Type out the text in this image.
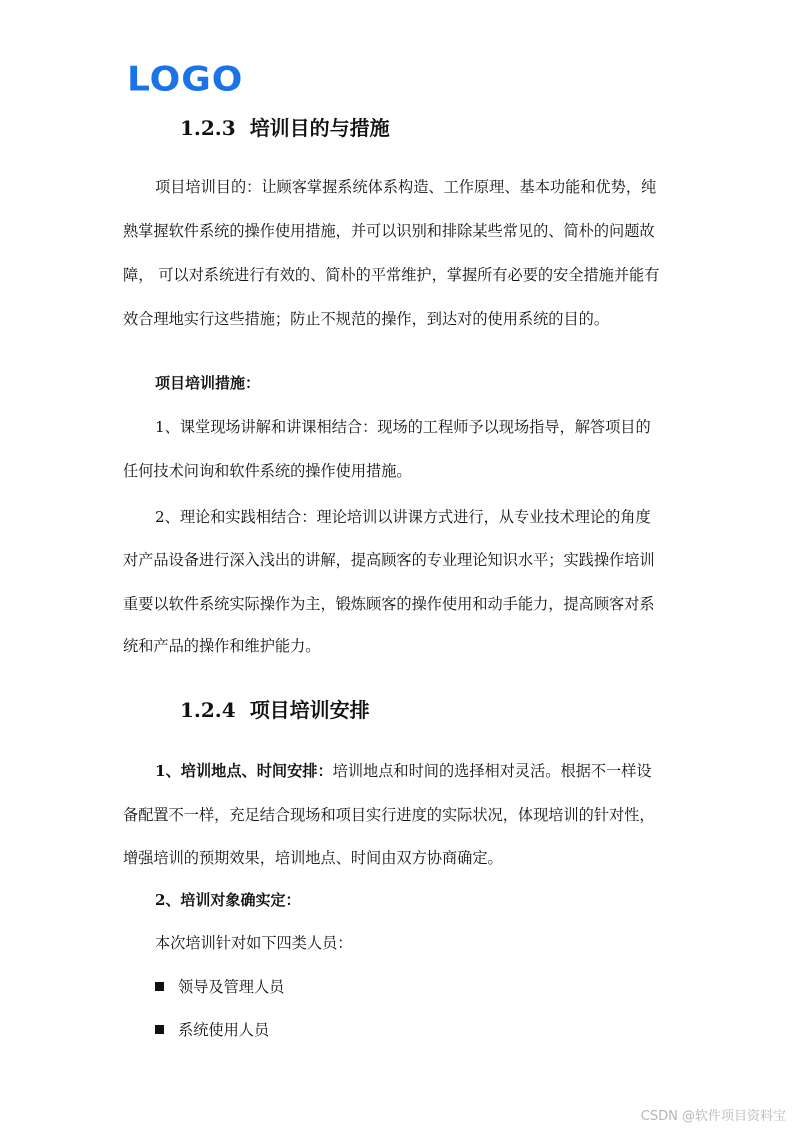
LOGO
1.2.3 培训目的与措施
项目培训目的：让顾客掌握系统体系构造、工作原理、基本功能和优势，纯
熟掌握软件系统的操作使用措施，并可以识别和排除某些常见的、简朴的问题故
障， 可以对系统进行有效的、简朴的平常维护，掌握所有必要的安全措施并能有
效合理地实行这些措施；防止不规范的操作，到达对的使用系统的目的。
项目培训措施：
1、课堂现场讲解和讲课相结合：现场的工程师予以现场指导，解答项目的
任何技术问询和软件系统的操作使用措施。
2、理论和实践相结合：理论培训以讲课方式进行，从专业技术理论的角度
对产品设备进行深入浅出的讲解，提高顾客的专业理论知识水平；实践操作培训
重要以软件系统实际操作为主，锻炼顾客的操作使用和动手能力，提高顾客对系
统和产品的操作和维护能力。
1.2.4 项目培训安排
1、培训地点、时间安排：培训地点和时间的选择相对灵活。根据不一样设
备配置不一样，充足结合现场和项目实行进度的实际状况，体现培训的针对性，
增强培训的预期效果，培训地点、时间由双方协商确定。
2、培训对象确实定：
本次培训针对如下四类人员：
领导及管理人员
系统使用人员
CSDN @软件项目资料宝
